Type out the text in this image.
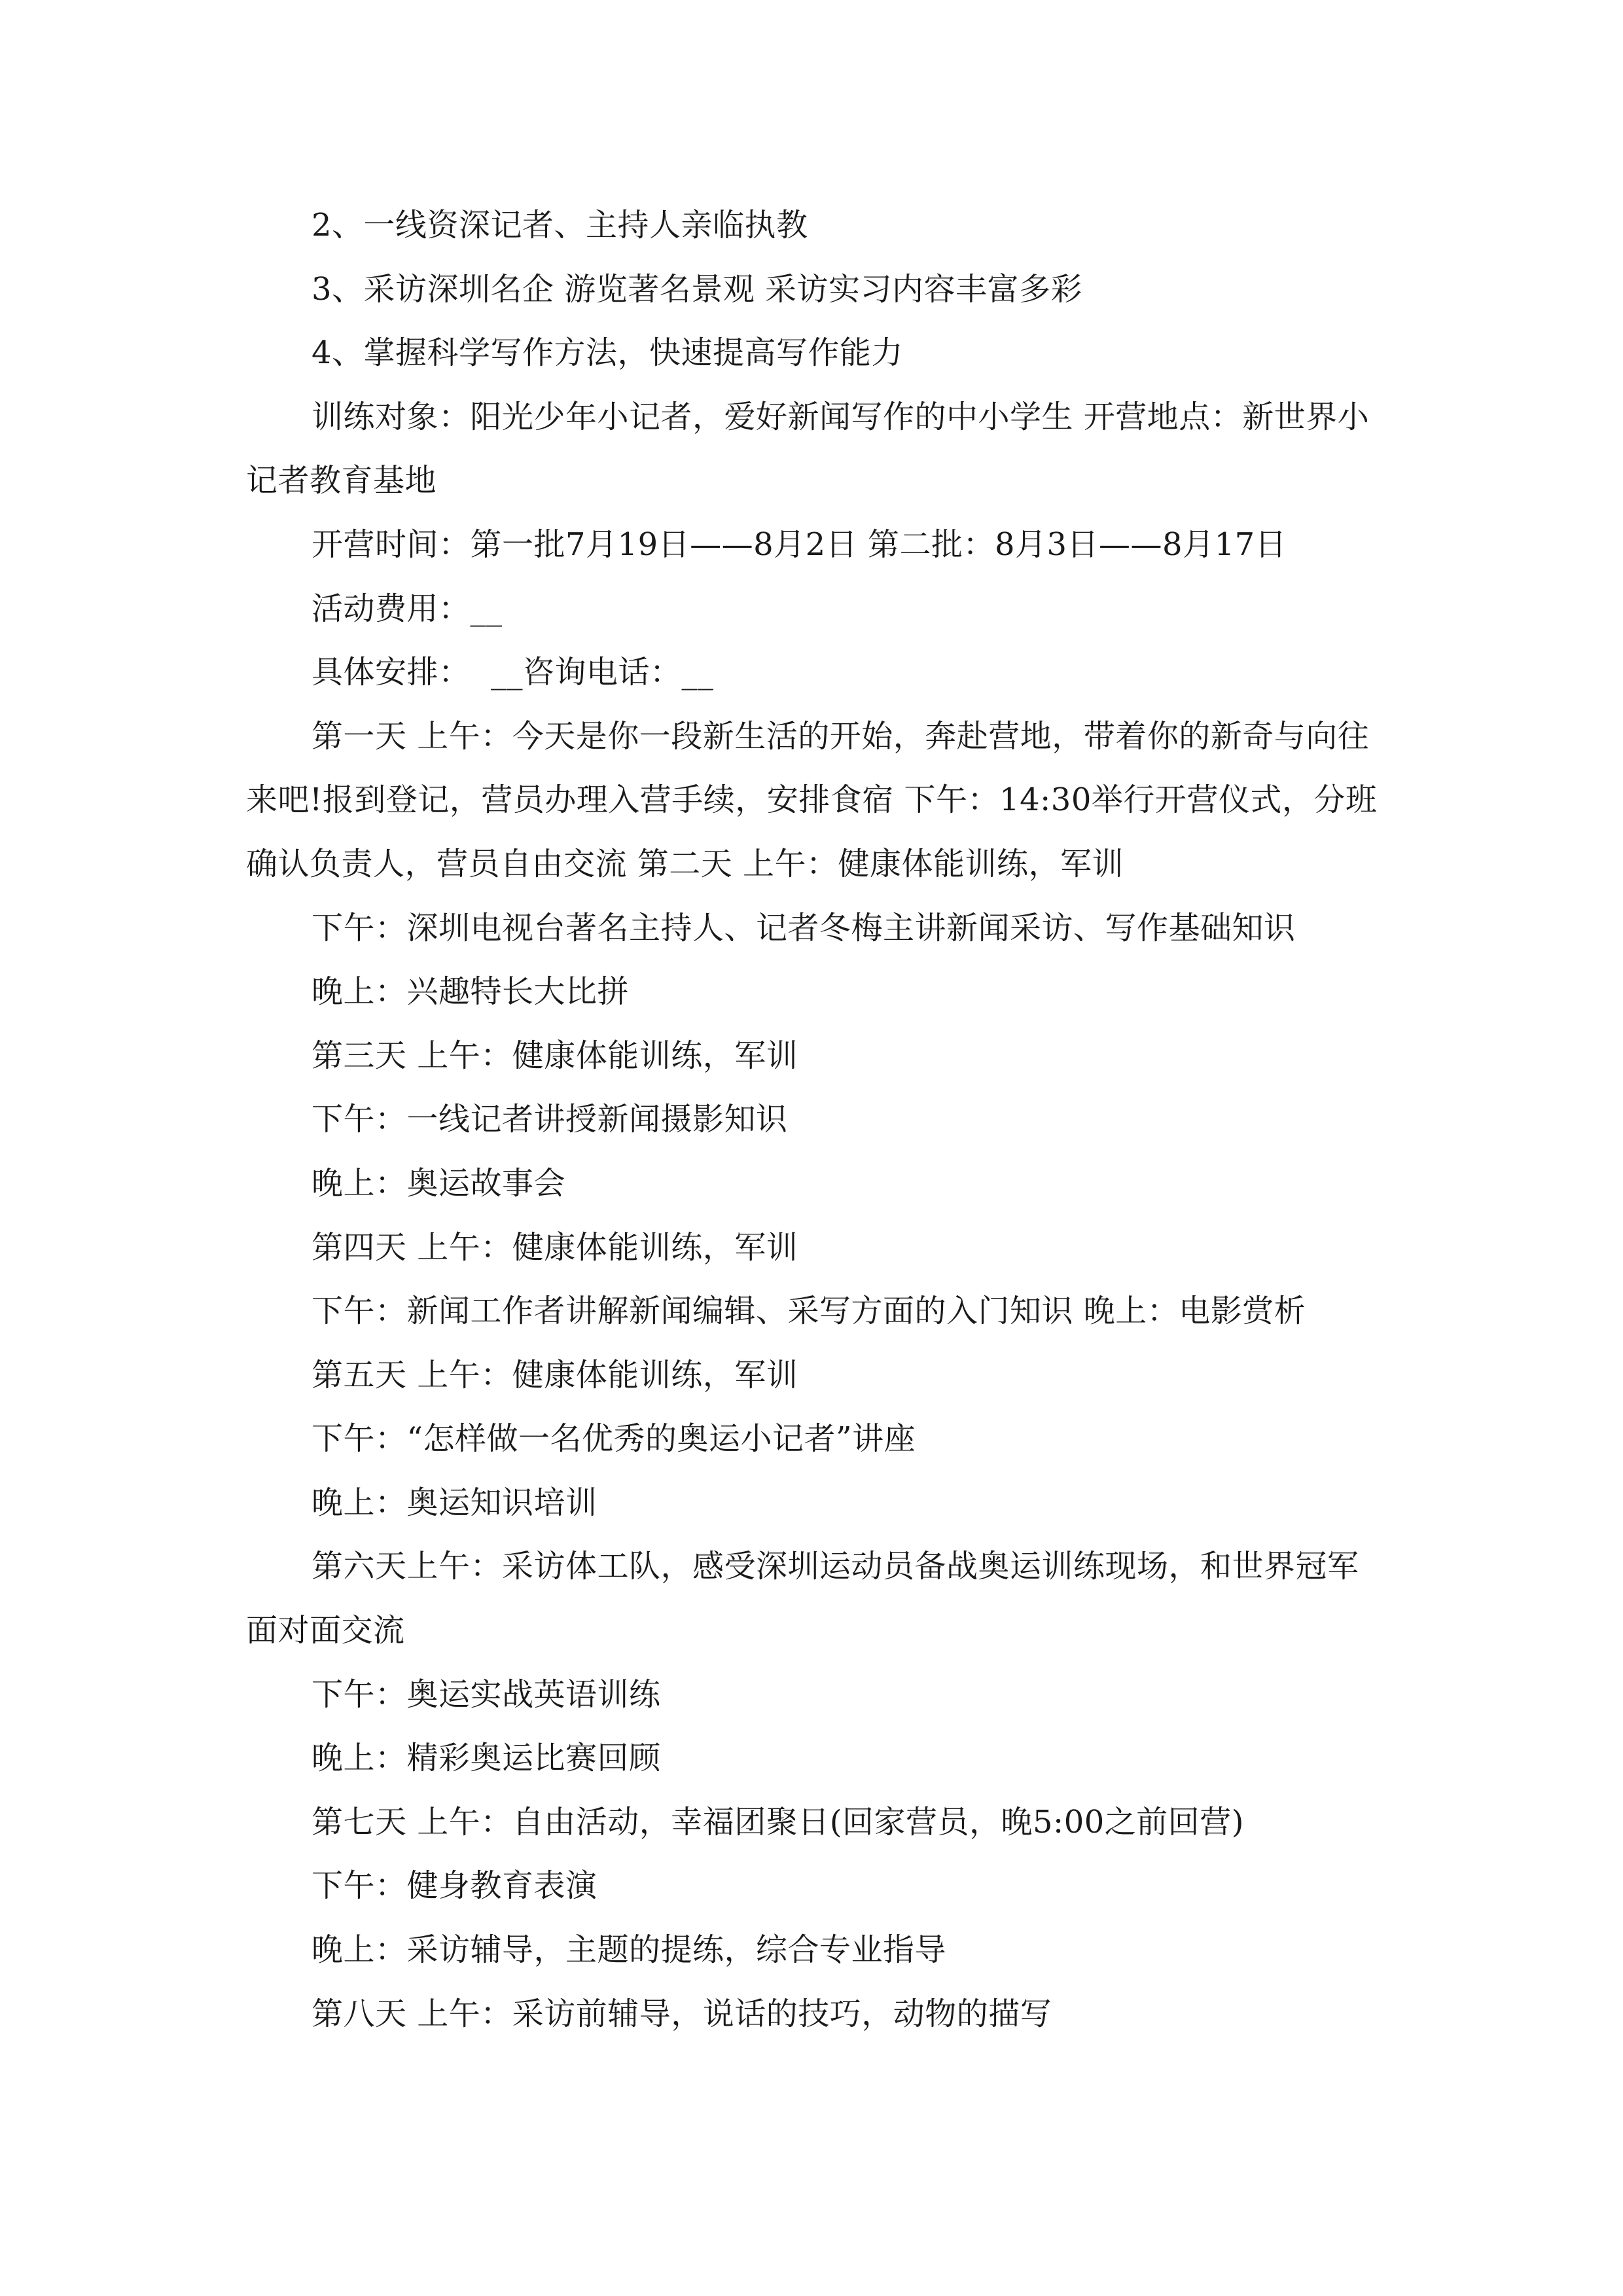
2、一线资深记者、主持人亲临执教

3、采访深圳名企 游览著名景观 采访实习内容丰富多彩

4、掌握科学写作方法，快速提高写作能力

训练对象：阳光少年小记者，爱好新闻写作的中小学生 开营地点：新世界小记者教育基地

开营时间：第一批7月19日——8月2日 第二批：8月3日——8月17日

活动费用：__

具体安排：  __咨询电话：__

第一天 上午：今天是你一段新生活的开始，奔赴营地，带着你的新奇与向往来吧!报到登记，营员办理入营手续，安排食宿 下午：14:30举行开营仪式，分班确认负责人，营员自由交流 第二天 上午：健康体能训练，军训

下午：深圳电视台著名主持人、记者冬梅主讲新闻采访、写作基础知识

晚上：兴趣特长大比拼

第三天 上午：健康体能训练，军训

下午：一线记者讲授新闻摄影知识

晚上：奥运故事会

第四天 上午：健康体能训练，军训

下午：新闻工作者讲解新闻编辑、采写方面的入门知识 晚上：电影赏析

第五天 上午：健康体能训练，军训

下午：“怎样做一名优秀的奥运小记者”讲座

晚上：奥运知识培训

第六天上午：采访体工队，感受深圳运动员备战奥运训练现场，和世界冠军面对面交流

下午：奥运实战英语训练

晚上：精彩奥运比赛回顾

第七天 上午：自由活动，幸福团聚日(回家营员，晚5:00之前回营)

下午：健身教育表演

晚上：采访辅导，主题的提练，综合专业指导

第八天 上午：采访前辅导，说话的技巧，动物的描写
